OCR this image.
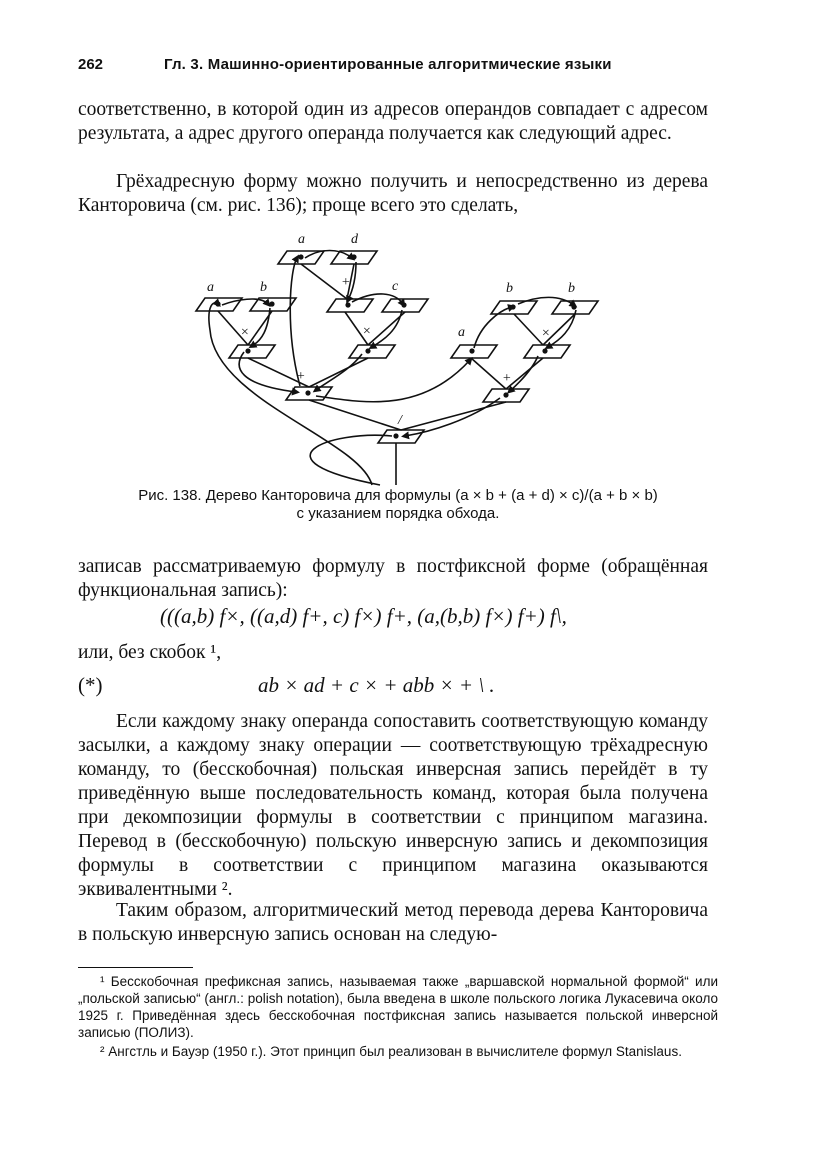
262	Гл. 3. Машинно-ориентированные алгоритмические языки
соответственно, в которой один из адресов операндов совпадает с адресом результата, а адрес другого операнда получается как следующий адрес.
Грёхадресную форму можно получить и непосредственно из дерева Канторовича (см. рис. 136); проще всего это сделать,
a	d
a	b	c	b	b
a
+
×	×
+
×
+
/
Рис. 138. Дерево Канторовича для формулы (a × b + (a + d) × c)/(a + b × b)
с указанием порядка обхода.
записав рассматриваемую формулу в постфиксной форме (обращённая функциональная запись):
(((a,b) f×, ((a,d) f+, c) f×) f+, (a,(b,b) f×) f+) f\,
или, без скобок ¹,
(*)	ab × ad + c × + abb × + \ .
Если каждому знаку операнда сопоставить соответствующую команду засылки, а каждому знаку операции — соответствующую трёхадресную команду, то (бесскобочная) польская инверсная запись перейдёт в ту приведённую выше последовательность команд, которая была получена при декомпозиции формулы в соответствии с принципом магазина. Перевод в (бесскобочную) польскую инверсную запись и декомпозиция формулы в соответствии с принципом магазина оказываются эквивалентными ².
Таким образом, алгоритмический метод перевода дерева Канторовича в польскую инверсную запись основан на следую-
¹ Бесскобочная префиксная запись, называемая также „варшавской нормальной формой“ или „польской записью“ (англ.: polish notation), была введена в школе польского логика Лукасевича около 1925 г. Приведённая здесь бесскобочная постфиксная запись называется польской инверсной записью (ПОЛИЗ).
² Ангстль и Бауэр (1950 г.). Этот принцип был реализован в вычислителе формул Stanislaus.
